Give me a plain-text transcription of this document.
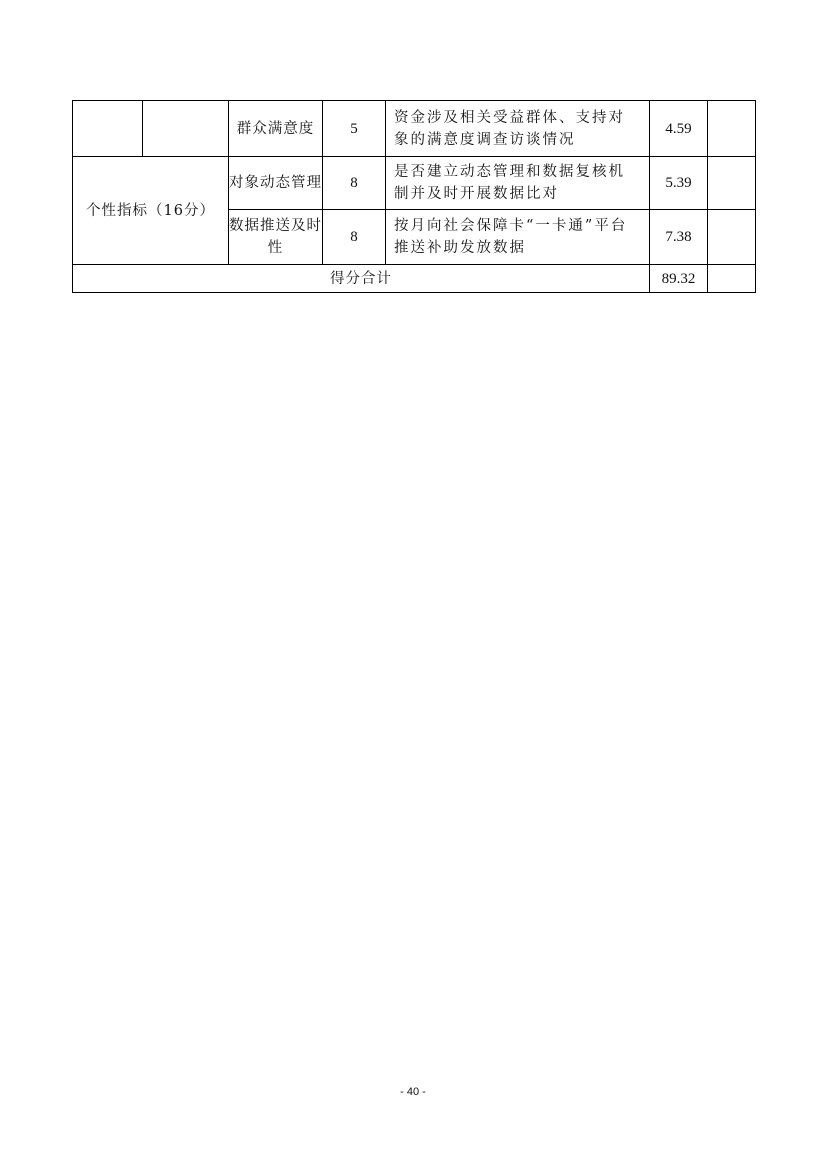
		群众满意度	5	资金涉及相关受益群体、支持对象的满意度调查访谈情况	4.59	
个性指标（16分）		对象动态管理	8	是否建立动态管理和数据复核机制并及时开展数据比对	5.39	
		数据推送及时性	8	按月向社会保障卡“一卡通”平台推送补助发放数据	7.38	
得分合计					89.32	
- 40 -
